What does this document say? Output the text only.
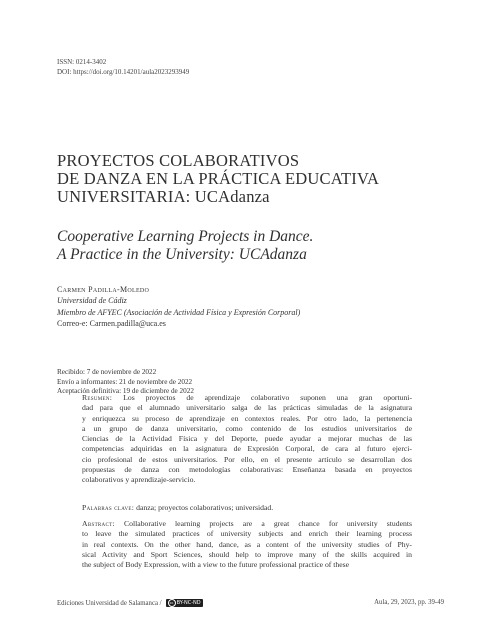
ISSN: 0214-3402
DOI: https://doi.org/10.14201/aula2023293949
PROYECTOS COLABORATIVOS
DE DANZA EN LA PRÁCTICA EDUCATIVA
UNIVERSITARIA: UCAdanza
Cooperative Learning Projects in Dance.
A Practice in the University: UCAdanza
Carmen Padilla-Moledo
Universidad de Cádiz
Miembro de AFYEC (Asociación de Actividad Física y Expresión Corporal)
Correo-e: Carmen.padilla@uca.es
Recibido: 7 de noviembre de 2022
Envío a informantes: 21 de noviembre de 2022
Aceptación definitiva: 19 de diciembre de 2022
Resumen: Los proyectos de aprendizaje colaborativo suponen una gran oportuni-
dad para que el alumnado universitario salga de las prácticas simuladas de la asignatura
y enriquezca su proceso de aprendizaje en contextos reales. Por otro lado, la pertenencia
a un grupo de danza universitario, como contenido de los estudios universitarios de
Ciencias de la Actividad Física y del Deporte, puede ayudar a mejorar muchas de las
competencias adquiridas en la asignatura de Expresión Corporal, de cara al futuro ejerci-
cio profesional de estos universitarios. Por ello, en el presente artículo se desarrollan dos
propuestas de danza con metodologías colaborativas: Enseñanza basada en proyectos
colaborativos y aprendizaje-servicio.
Palabras clave: danza; proyectos colaborativos; universidad.
Abstract: Collaborative learning projects are a great chance for university students
to leave the simulated practices of university subjects and enrich their learning process
in real contexts. On the other hand, dance, as a content of the university studies of Phy-
sical Activity and Sport Sciences, should help to improve many of the skills acquired in
the subject of Body Expression, with a view to the future professional practice of these
Ediciones Universidad de Salamanca /	cc BY-NC-ND	Aula, 29, 2023, pp. 39-49
